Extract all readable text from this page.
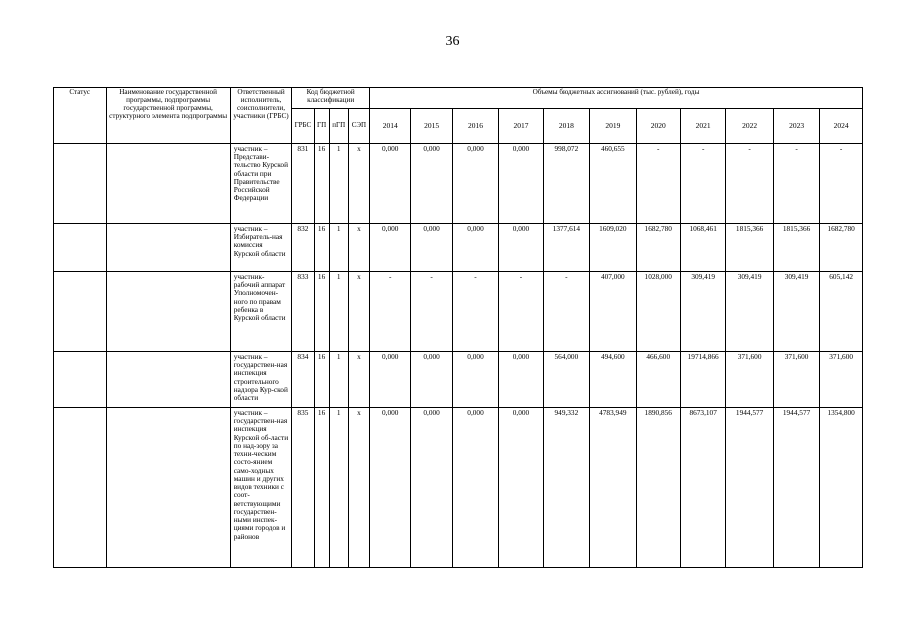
36
Статус	Наименование государственной программы, подпрограммы государственной программы, структурного элемента подпрограммы	Ответственный исполнитель, соисполнители, участники (ГРБС)	Код бюджетной классификации				Объемы бюджетных ассигнований (тыс. рублей), годы										
			ГРБС	ГП	пГП	СЭП	2014	2015	2016	2017	2018	2019	2020	2021	2022	2023	2024
		участник – Представи-тельство Курской области при Правительстве Российской Федерации	831	16	1	х	0,000	0,000	0,000	0,000	998,072	460,655	-	-	-	-	-
		участник – Избиратель-ная комиссия Курской области	832	16	1	х	0,000	0,000	0,000	0,000	1377,614	1609,020	1682,780	1068,461	1815,366	1815,366	1682,780
		участник-рабочий аппарат Уполномочен-ного по правам ребенка в Курской области	833	16	1	х	-	-	-	-	-	407,000	1028,000	309,419	309,419	309,419	605,142
		участник – государствен-ная инспекция строительного надзора Кур-ской области	834	16	1	х	0,000	0,000	0,000	0,000	564,000	494,600	466,600	19714,866	371,600	371,600	371,600
		участник – государствен-ная инспекция Курской об-ласти по над-зору за техни-ческим состо-янием само-ходных машин и других видов техники с соот-ветствующими государствен-ными инспек-циями городов и районов	835	16	1	х	0,000	0,000	0,000	0,000	949,332	4783,949	1890,856	8673,107	1944,577	1944,577	1354,800
